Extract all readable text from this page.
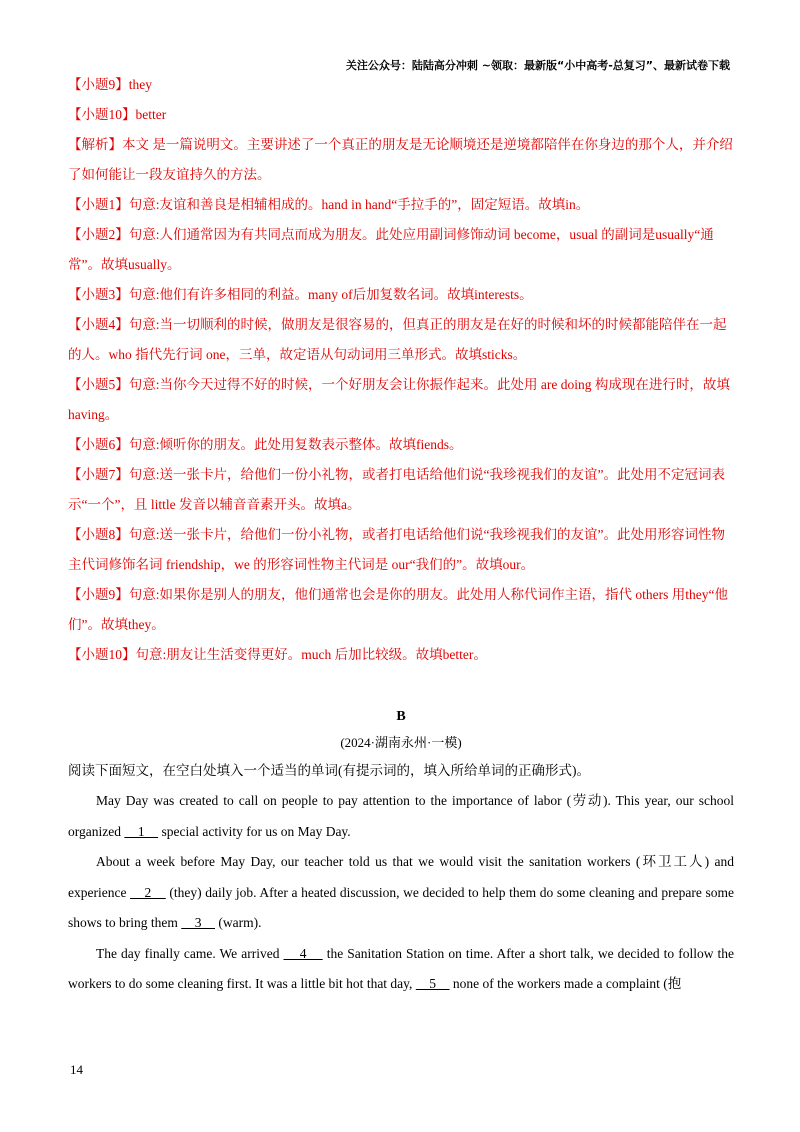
关注公众号：陆陆高分冲刺 ~领取：最新版“小中高考-总复习”、最新试卷下载

【小题9】they

【小题10】better

【解析】本文 是一篇说明文。主要讲述了一个真正的朋友是无论顺境还是逆境都陪伴在你身边的那个人，并介绍了如何能让一段友谊持久的方法。

【小题1】句意:友谊和善良是相辅相成的。hand in hand“手拉手的”，固定短语。故填in。

【小题2】句意:人们通常因为有共同点而成为朋友。此处应用副词修饰动词 become，usual 的副词是usually“通常”。故填usually。

【小题3】句意:他们有许多相同的利益。many of后加复数名词。故填interests。

【小题4】句意:当一切顺利的时候，做朋友是很容易的，但真正的朋友是在好的时候和坏的时候都能陪伴在一起的人。who 指代先行词 one，三单，故定语从句动词用三单形式。故填sticks。

【小题5】句意:当你今天过得不好的时候，一个好朋友会让你振作起来。此处用 are doing 构成现在进行时，故填having。

【小题6】句意:倾听你的朋友。此处用复数表示整体。故填fiends。

【小题7】句意:送一张卡片，给他们一份小礼物，或者打电话给他们说“我珍视我们的友谊”。此处用不定冠词表示“一个”，且 little 发音以辅音音素开头。故填a。

【小题8】句意:送一张卡片，给他们一份小礼物，或者打电话给他们说“我珍视我们的友谊”。此处用形容词性物主代词修饰名词 friendship，we 的形容词性物主代词是 our“我们的”。故填our。

【小题9】句意:如果你是别人的朋友，他们通常也会是你的朋友。此处用人称代词作主语，指代 others 用they“他们”。故填they。

【小题10】句意:朋友让生活变得更好。much 后加比较级。故填better。

B

(2024·湖南永州·一模)

阅读下面短文，在空白处填入一个适当的单词(有提示词的，填入所给单词的正确形式)。

May Day was created to call on people to pay attention to the importance of labor (劳动). This year, our school organized     1     special activity for us on May Day.

About a week before May Day, our teacher told us that we would visit the sanitation workers (环卫工人) and experience     2     (they) daily job. After a heated discussion, we decided to help them do some cleaning and prepare some shows to bring them     3     (warm).

The day finally came. We arrived     4     the Sanitation Station on time. After a short talk, we decided to follow the workers to do some cleaning first. It was a little bit hot that day,     5     none of the workers made a complaint (抱

14
